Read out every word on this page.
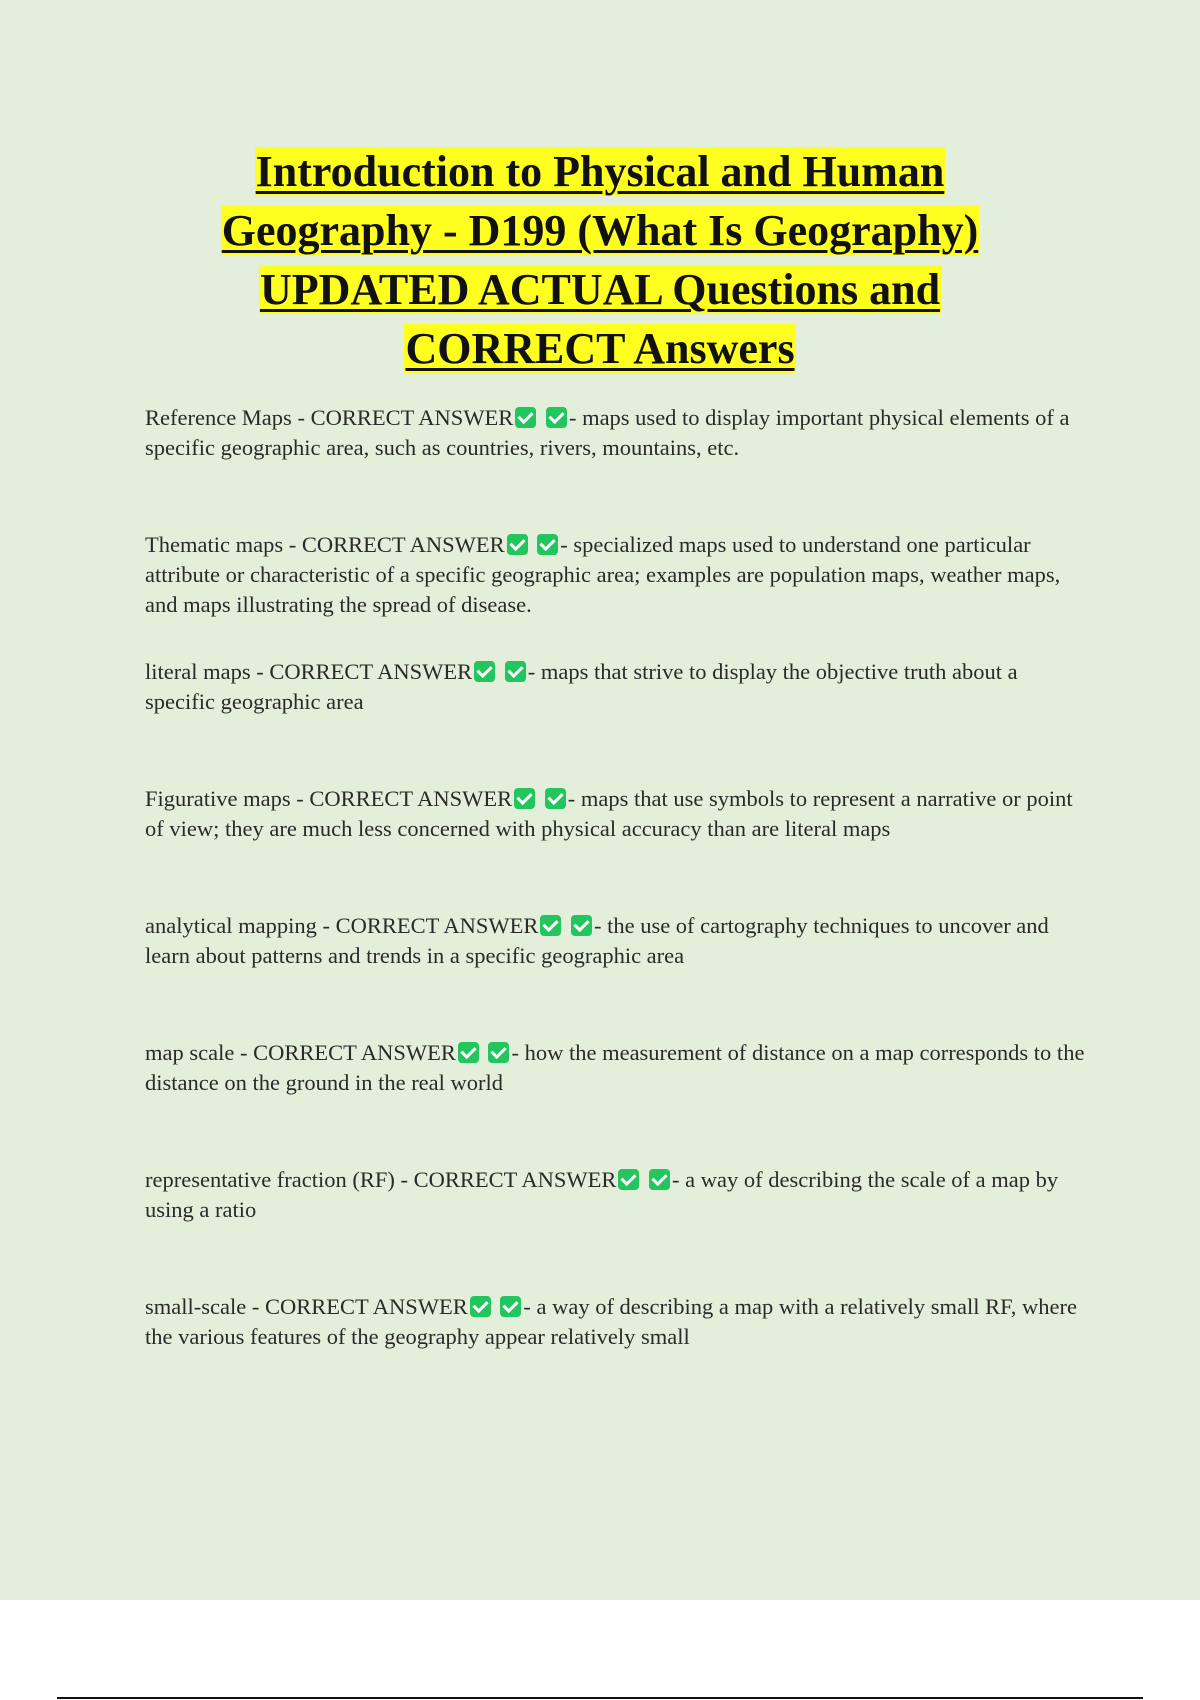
Introduction to Physical and Human
Geography - D199 (What Is Geography)
UPDATED ACTUAL Questions and
CORRECT Answers
Reference Maps - CORRECT ANSWER - maps used to display important physical elements of a specific geographic area, such as countries, rivers, mountains, etc.
Thematic maps - CORRECT ANSWER - specialized maps used to understand one particular attribute or characteristic of a specific geographic area; examples are population maps, weather maps, and maps illustrating the spread of disease.
literal maps - CORRECT ANSWER - maps that strive to display the objective truth about a specific geographic area
Figurative maps - CORRECT ANSWER - maps that use symbols to represent a narrative or point of view; they are much less concerned with physical accuracy than are literal maps
analytical mapping - CORRECT ANSWER - the use of cartography techniques to uncover and learn about patterns and trends in a specific geographic area
map scale - CORRECT ANSWER - how the measurement of distance on a map corresponds to the distance on the ground in the real world
representative fraction (RF) - CORRECT ANSWER - a way of describing the scale of a map by using a ratio
small-scale - CORRECT ANSWER - a way of describing a map with a relatively small RF, where the various features of the geography appear relatively small
